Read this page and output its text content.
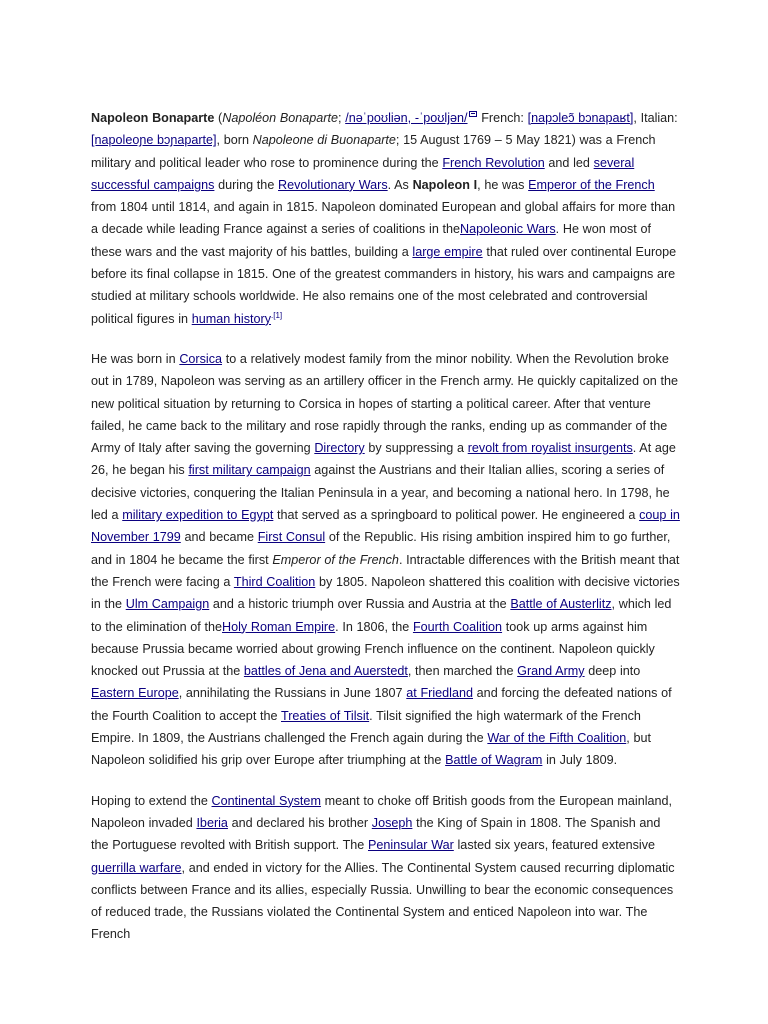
Napoleon Bonaparte (Napoléon Bonaparte; /nəˈpoʊliən, -ˈpoʊljən/ French: [napɔleɔ̃ bɔnapaʁt], Italian: [napoleoɲe bɔɲaparte], born Napoleone di Buonaparte; 15 August 1769 – 5 May 1821) was a French military and political leader who rose to prominence during the French Revolution and led several successful campaigns during the Revolutionary Wars. As Napoleon I, he was Emperor of the French from 1804 until 1814, and again in 1815. Napoleon dominated European and global affairs for more than a decade while leading France against a series of coalitions in theNapoleonic Wars. He won most of these wars and the vast majority of his battles, building a large empire that ruled over continental Europe before its final collapse in 1815. One of the greatest commanders in history, his wars and campaigns are studied at military schools worldwide. He also remains one of the most celebrated and controversial political figures in human history$^{.[1]}$

He was born in Corsica to a relatively modest family from the minor nobility. When the Revolution broke out in 1789, Napoleon was serving as an artillery officer in the French army. He quickly capitalized on the new political situation by returning to Corsica in hopes of starting a political career. After that venture failed, he came back to the military and rose rapidly through the ranks, ending up as commander of the Army of Italy after saving the governing Directory by suppressing a revolt from royalist insurgents. At age 26, he began his first military campaign against the Austrians and their Italian allies, scoring a series of decisive victories, conquering the Italian Peninsula in a year, and becoming a national hero. In 1798, he led a military expedition to Egypt that served as a springboard to political power. He engineered a coup in November 1799 and became First Consul of the Republic. His rising ambition inspired him to go further, and in 1804 he became the first Emperor of the French. Intractable differences with the British meant that the French were facing a Third Coalition by 1805. Napoleon shattered this coalition with decisive victories in the Ulm Campaign and a historic triumph over Russia and Austria at the Battle of Austerlitz, which led to the elimination of theHoly Roman Empire. In 1806, the Fourth Coalition took up arms against him because Prussia became worried about growing French influence on the continent. Napoleon quickly knocked out Prussia at the battles of Jena and Auerstedt, then marched the Grand Army deep into Eastern Europe, annihilating the Russians in June 1807 at Friedland and forcing the defeated nations of the Fourth Coalition to accept the Treaties of Tilsit. Tilsit signified the high watermark of the French Empire. In 1809, the Austrians challenged the French again during the War of the Fifth Coalition, but Napoleon solidified his grip over Europe after triumphing at the Battle of Wagram in July 1809.

Hoping to extend the Continental System meant to choke off British goods from the European mainland, Napoleon invaded Iberia and declared his brother Joseph the King of Spain in 1808. The Spanish and the Portuguese revolted with British support. The Peninsular War lasted six years, featured extensive guerrilla warfare, and ended in victory for the Allies. The Continental System caused recurring diplomatic conflicts between France and its allies, especially Russia. Unwilling to bear the economic consequences of reduced trade, the Russians violated the Continental System and enticed Napoleon into war. The French
